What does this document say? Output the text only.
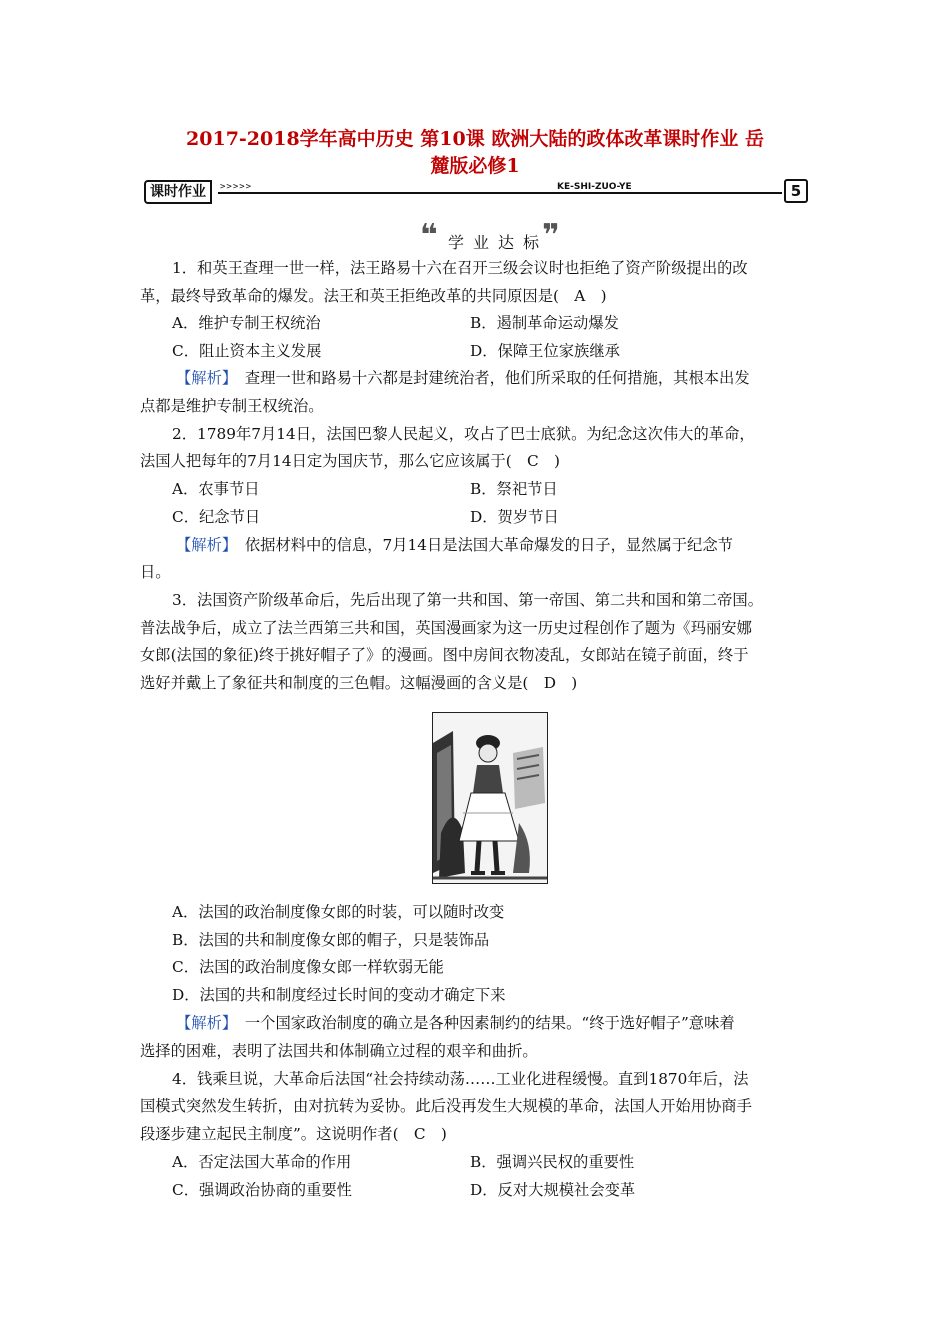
2017-2018学年高中历史 第10课 欧洲大陆的政体改革课时作业 岳
麓版必修1
课时作业	>>>>>	KE-SHI-ZUO-YE	5
❝ 学业达标
❞
1．和英王查理一世一样，法王路易十六在召开三级会议时也拒绝了资产阶级提出的改
革，最终导致革命的爆发。法王和英王拒绝改革的共同原因是(　A　)
A．维护专制王权统治	B．遏制革命运动爆发
C．阻止资本主义发展	D．保障王位家族继承
【解析】　查理一世和路易十六都是封建统治者，他们所采取的任何措施，其根本出发
点都是维护专制王权统治。
2．1789年7月14日，法国巴黎人民起义，攻占了巴士底狱。为纪念这次伟大的革命，
法国人把每年的7月14日定为国庆节，那么它应该属于(　C　)
A．农事节日	B．祭祀节日
C．纪念节日	D．贺岁节日
【解析】　依据材料中的信息，7月14日是法国大革命爆发的日子，显然属于纪念节
日。
3．法国资产阶级革命后，先后出现了第一共和国、第一帝国、第二共和国和第二帝国。
普法战争后，成立了法兰西第三共和国，英国漫画家为这一历史过程创作了题为《玛丽安娜
女郎(法国的象征)终于挑好帽子了》的漫画。图中房间衣物凌乱，女郎站在镜子前面，终于
选好并戴上了象征共和制度的三色帽。这幅漫画的含义是(　D　)
A．法国的政治制度像女郎的时装，可以随时改变
B．法国的共和制度像女郎的帽子，只是装饰品
C．法国的政治制度像女郎一样软弱无能
D．法国的共和制度经过长时间的变动才确定下来
【解析】　一个国家政治制度的确立是各种因素制约的结果。“终于选好帽子”意味着
选择的困难，表明了法国共和体制确立过程的艰辛和曲折。
4．钱乘旦说，大革命后法国“社会持续动荡……工业化进程缓慢。直到1870年后，法
国模式突然发生转折，由对抗转为妥协。此后没再发生大规模的革命，法国人开始用协商手
段逐步建立起民主制度”。这说明作者(　C　)
A．否定法国大革命的作用	B．强调兴民权的重要性
C．强调政治协商的重要性	D．反对大规模社会变革
